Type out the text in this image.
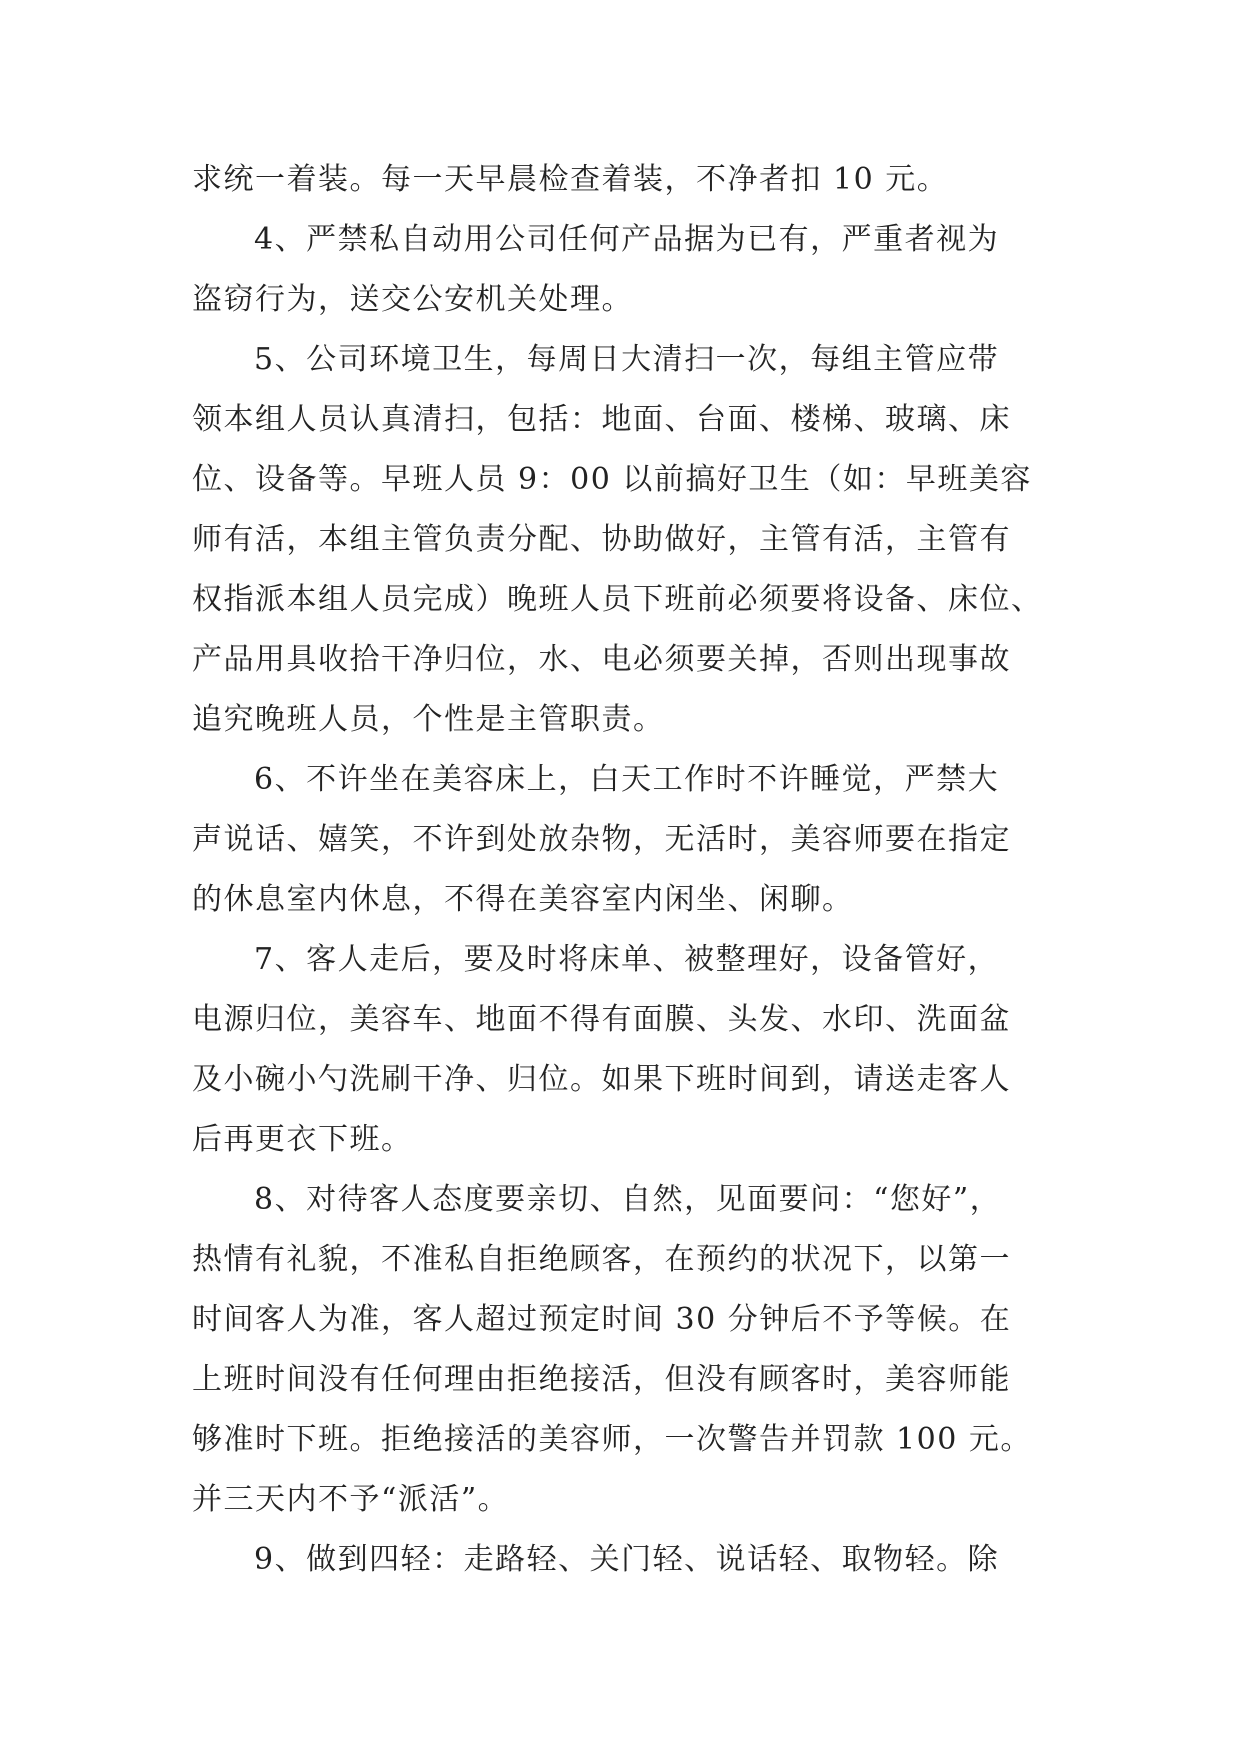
求统一着装。每一天早晨检查着装，不净者扣 10 元。
4、严禁私自动用公司任何产品据为已有，严重者视为
盗窃行为，送交公安机关处理。
5、公司环境卫生，每周日大清扫一次，每组主管应带
领本组人员认真清扫，包括：地面、台面、楼梯、玻璃、床
位、设备等。早班人员 9：00 以前搞好卫生（如：早班美容
师有活，本组主管负责分配、协助做好，主管有活，主管有
权指派本组人员完成）晚班人员下班前必须要将设备、床位、
产品用具收拾干净归位，水、电必须要关掉，否则出现事故
追究晚班人员，个性是主管职责。
6、不许坐在美容床上，白天工作时不许睡觉，严禁大
声说话、嬉笑，不许到处放杂物，无活时，美容师要在指定
的休息室内休息，不得在美容室内闲坐、闲聊。
7、客人走后，要及时将床单、被整理好，设备管好，
电源归位，美容车、地面不得有面膜、头发、水印、洗面盆
及小碗小勺洗刷干净、归位。如果下班时间到，请送走客人
后再更衣下班。
8、对待客人态度要亲切、自然，见面要问：“您好”，
热情有礼貌，不准私自拒绝顾客，在预约的状况下，以第一
时间客人为准，客人超过预定时间 30 分钟后不予等候。在
上班时间没有任何理由拒绝接活，但没有顾客时，美容师能
够准时下班。拒绝接活的美容师，一次警告并罚款 100 元。
并三天内不予“派活”。
9、做到四轻：走路轻、关门轻、说话轻、取物轻。除
